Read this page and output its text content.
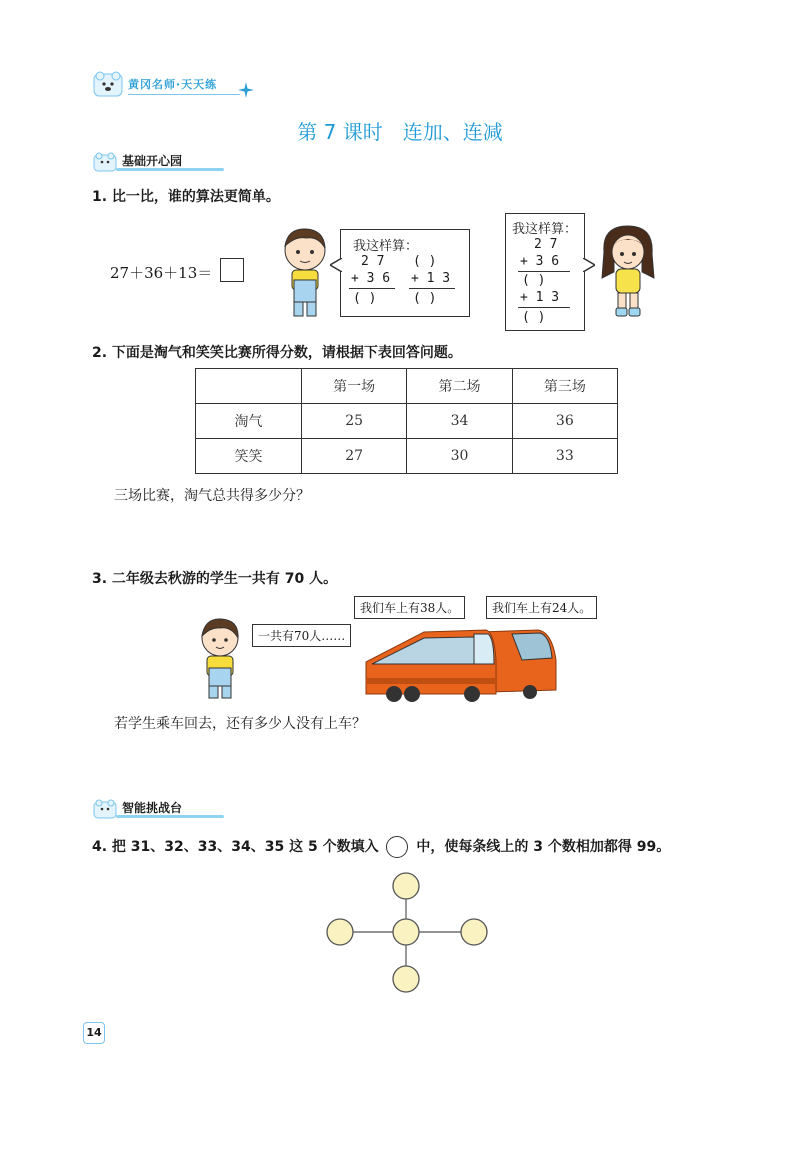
黄冈名师·天天练
第 7 课时 连加、连减
基础开心园
1. 比一比，谁的算法更简单。
27＋36＋13＝
我这样算：
2 7 ( )
+ 3 6 + 1 3
( )	( )
我这样算：
2 7
+ 3 6
( )
+ 1 3
( )
2. 下面是淘气和笑笑比赛所得分数，请根据下表回答问题。
	第一场	第二场	第三场
淘气	25	34	36
笑笑	27	30	33
三场比赛，淘气总共得多少分？
3. 二年级去秋游的学生一共有 70 人。
一共有70人……
我们车上有38人。	我们车上有24人。
若学生乘车回去，还有多少人没有上车？
智能挑战台
4. 把 31、32、33、34、35 这 5 个数填入	中，使每条线上的 3 个数相加都得 99。
14
